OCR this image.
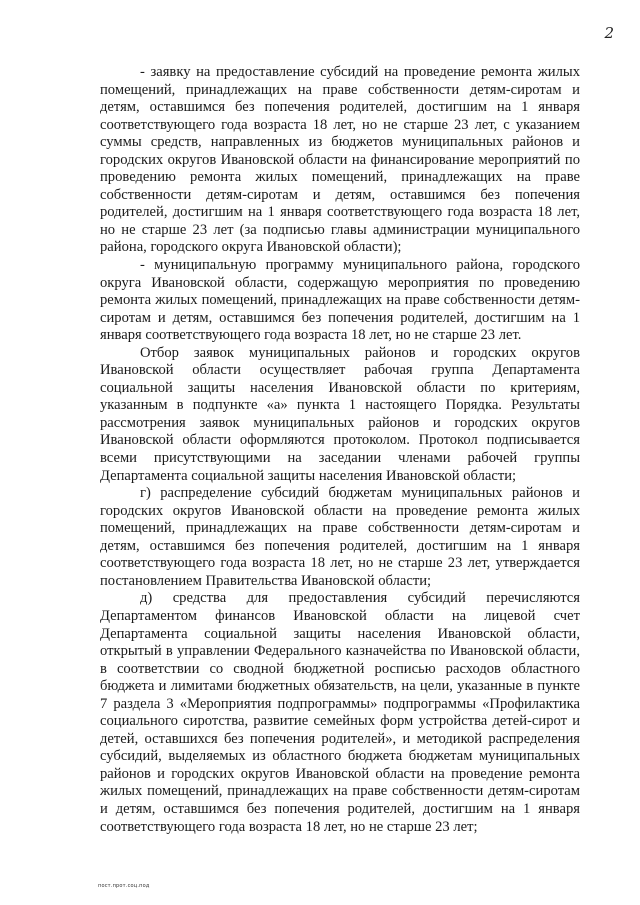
2

- заявку на предоставление субсидий на проведение ремонта жилых помещений, принадлежащих на праве собственности детям-сиротам и детям, оставшимся без попечения родителей, достигшим на 1 января соответствующего года возраста 18 лет, но не старше 23 лет, с указанием суммы средств, направленных из бюджетов муниципальных районов и городских округов Ивановской области на финансирование мероприятий по проведению ремонта жилых помещений, принадлежащих на праве собственности детям-сиротам и детям, оставшимся без попечения родителей, достигшим на 1 января соответствующего года возраста 18 лет, но не старше 23 лет (за подписью главы администрации муниципального района, городского округа Ивановской области);

- муниципальную программу муниципального района, городского округа Ивановской области, содержащую мероприятия по проведению ремонта жилых помещений, принадлежащих на праве собственности детям-сиротам и детям, оставшимся без попечения родителей, достигшим на 1 января соответствующего года возраста 18 лет, но не старше 23 лет.

Отбор заявок муниципальных районов и городских округов Ивановской области осуществляет рабочая группа Департамента социальной защиты населения Ивановской области по критериям, указанным в подпункте «а» пункта 1 настоящего Порядка. Результаты рассмотрения заявок муниципальных районов и городских округов Ивановской области оформляются протоколом. Протокол подписывается всеми присутствующими на заседании членами рабочей группы Департамента социальной защиты населения Ивановской области;

г) распределение субсидий бюджетам муниципальных районов и городских округов Ивановской области на проведение ремонта жилых помещений, принадлежащих на праве собственности детям-сиротам и детям, оставшимся без попечения родителей, достигшим на 1 января соответствующего года возраста 18 лет, но не старше 23 лет, утверждается постановлением Правительства Ивановской области;

д) средства для предоставления субсидий перечисляются Департаментом финансов Ивановской области на лицевой счет Департамента социальной защиты населения Ивановской области, открытый в управлении Федерального казначейства по Ивановской области, в соответствии со сводной бюджетной росписью расходов областного бюджета и лимитами бюджетных обязательств, на цели, указанные в пункте 7 раздела 3 «Мероприятия подпрограммы» подпрограммы «Профилактика социального сиротства, развитие семейных форм устройства детей-сирот и детей, оставшихся без попечения родителей», и методикой распределения субсидий, выделяемых из областного бюджета бюджетам муниципальных районов и городских округов Ивановской области на проведение ремонта жилых помещений, принадлежащих на праве собственности детям-сиротам и детям, оставшимся без попечения родителей, достигшим на 1 января соответствующего года возраста 18 лет, но не старше 23 лет;

пост.прот.соц.под
